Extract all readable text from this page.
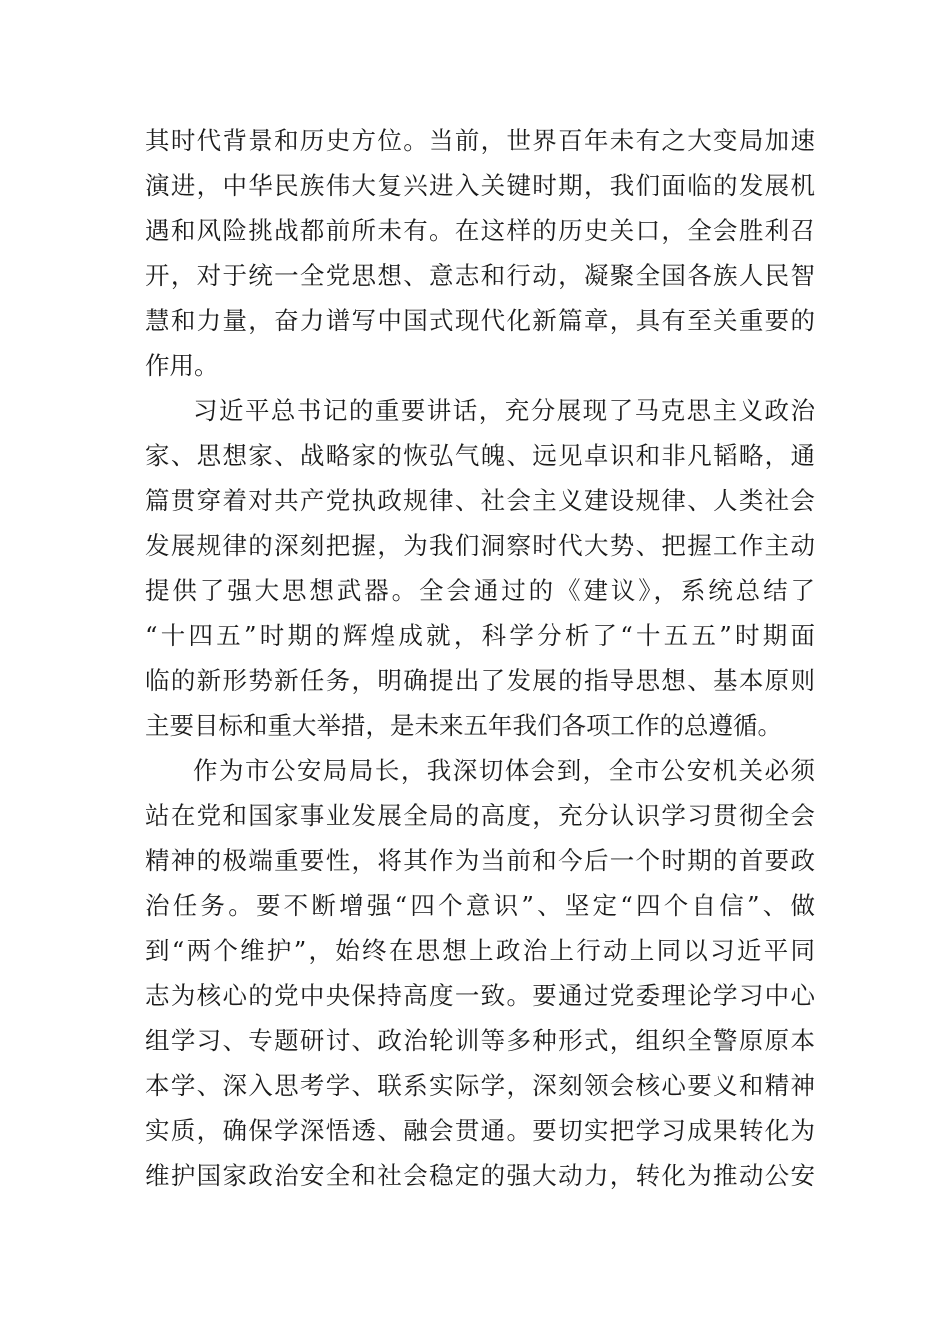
其时代背景和历史方位。当前，世界百年未有之大变局加速
演进，中华民族伟大复兴进入关键时期，我们面临的发展机
遇和风险挑战都前所未有。在这样的历史关口，全会胜利召
开，对于统一全党思想、意志和行动，凝聚全国各族人民智
慧和力量，奋力谱写中国式现代化新篇章，具有至关重要的
作用。
习近平总书记的重要讲话，充分展现了马克思主义政治
家、思想家、战略家的恢弘气魄、远见卓识和非凡韬略，通
篇贯穿着对共产党执政规律、社会主义建设规律、人类社会
发展规律的深刻把握，为我们洞察时代大势、把握工作主动
提供了强大思想武器。全会通过的《建议》，系统总结了
“十四五”时期的辉煌成就，科学分析了“十五五”时期面
临的新形势新任务，明确提出了发展的指导思想、基本原则
主要目标和重大举措，是未来五年我们各项工作的总遵循。
作为市公安局局长，我深切体会到，全市公安机关必须
站在党和国家事业发展全局的高度，充分认识学习贯彻全会
精神的极端重要性，将其作为当前和今后一个时期的首要政
治任务。要不断增强“四个意识”、坚定“四个自信”、做
到“两个维护”，始终在思想上政治上行动上同以习近平同
志为核心的党中央保持高度一致。要通过党委理论学习中心
组学习、专题研讨、政治轮训等多种形式，组织全警原原本
本学、深入思考学、联系实际学，深刻领会核心要义和精神
实质，确保学深悟透、融会贯通。要切实把学习成果转化为
维护国家政治安全和社会稳定的强大动力，转化为推动公安
